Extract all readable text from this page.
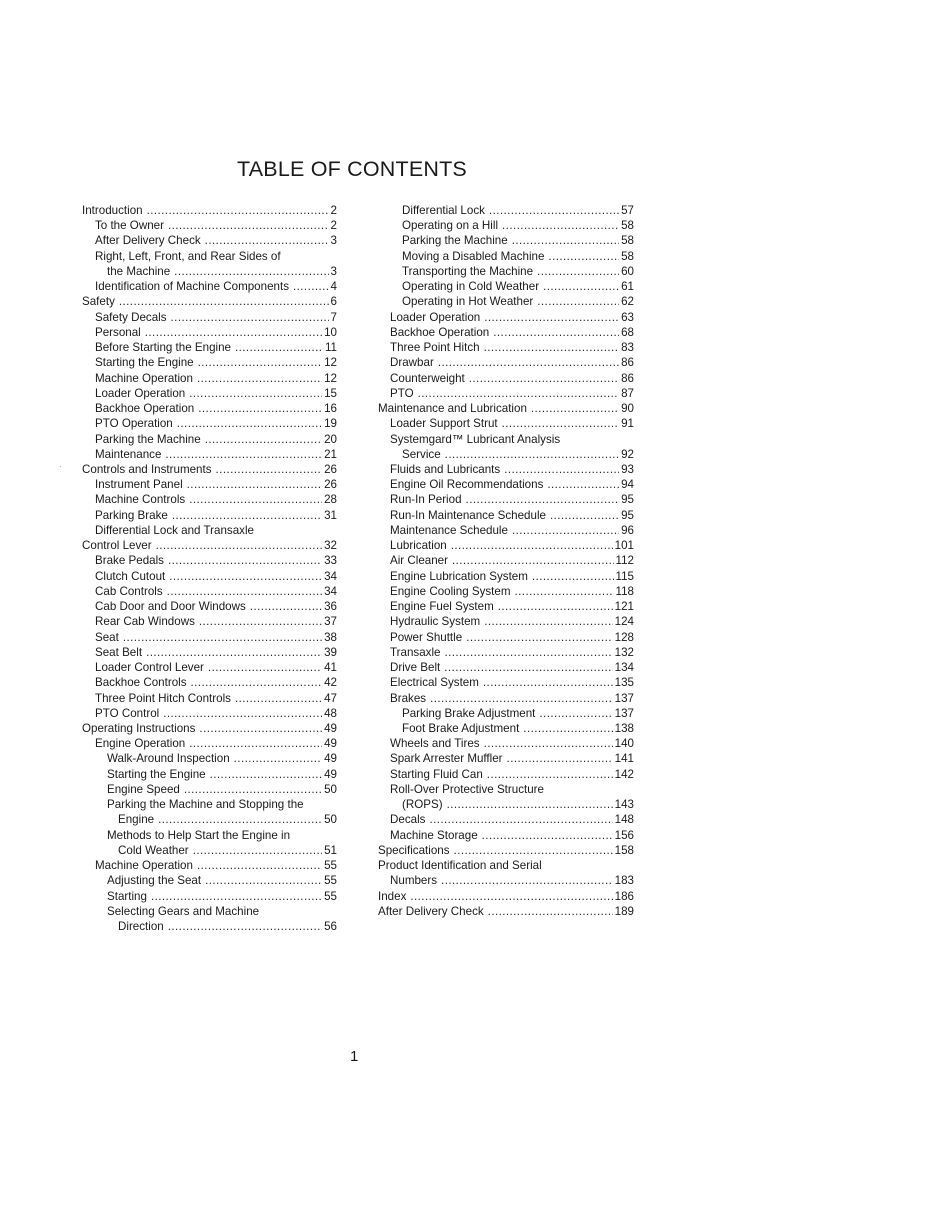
TABLE OF CONTENTS
·
Introduction . . .	2
To the Owner . . .	2
After Delivery Check . . .	3
Right, Left, Front, and Rear Sides of
the Machine . . .	3
Identification of Machine Components . . .	4
Safety . . .	6
Safety Decals . . .	7
Personal . . .	10
Before Starting the Engine . . .	11
Starting the Engine . . .	12
Machine Operation . . .	12
Loader Operation . . .	15
Backhoe Operation . . .	16
PTO Operation . . .	19
Parking the Machine . . .	20
Maintenance . . .	21
Controls and Instruments . . .	26
Instrument Panel . . .	26
Machine Controls . . .	28
Parking Brake . . .	31
Differential Lock and Transaxle
Control Lever . . .	32
Brake Pedals . . .	33
Clutch Cutout . . .	34
Cab Controls . . .	34
Cab Door and Door Windows . . .	36
Rear Cab Windows . . .	37
Seat . . .	38
Seat Belt . . .	39
Loader Control Lever . . .	41
Backhoe Controls . . .	42
Three Point Hitch Controls . . .	47
PTO Control . . .	48
Operating Instructions . . .	49
Engine Operation . . .	49
Walk-Around Inspection . . .	49
Starting the Engine . . .	49
Engine Speed . . .	50
Parking the Machine and Stopping the
Engine . . .	50
Methods to Help Start the Engine in
Cold Weather . . .	51
Machine Operation . . .	55
Adjusting the Seat . . .	55
Starting . . .	55
Selecting Gears and Machine
Direction . . .	56
Differential Lock . . .	57
Operating on a Hill . . .	58
Parking the Machine . . .	58
Moving a Disabled Machine . . .	58
Transporting the Machine . . .	60
Operating in Cold Weather . . .	61
Operating in Hot Weather . . .	62
Loader Operation . . .	63
Backhoe Operation . . .	68
Three Point Hitch . . .	83
Drawbar . . .	86
Counterweight . . .	86
PTO . . .	87
Maintenance and Lubrication . . .	90
Loader Support Strut . . .	91
Systemgard™ Lubricant Analysis
Service . . .	92
Fluids and Lubricants . . .	93
Engine Oil Recommendations . . .	94
Run-In Period . . .	95
Run-In Maintenance Schedule . . .	95
Maintenance Schedule . . .	96
Lubrication . . .	101
Air Cleaner . . .	112
Engine Lubrication System . . .	115
Engine Cooling System . . .	118
Engine Fuel System . . .	121
Hydraulic System . . .	124
Power Shuttle . . .	128
Transaxle . . .	132
Drive Belt . . .	134
Electrical System . . .	135
Brakes . . .	137
Parking Brake Adjustment . . .	137
Foot Brake Adjustment . . .	138
Wheels and Tires . . .	140
Spark Arrester Muffler . . .	141
Starting Fluid Can . . .	142
Roll-Over Protective Structure
(ROPS) . . .	143
Decals . . .	148
Machine Storage . . .	156
Specifications . . .	158
Product Identification and Serial
Numbers . . .	183
Index . . .	186
After Delivery Check . . .	189

1
